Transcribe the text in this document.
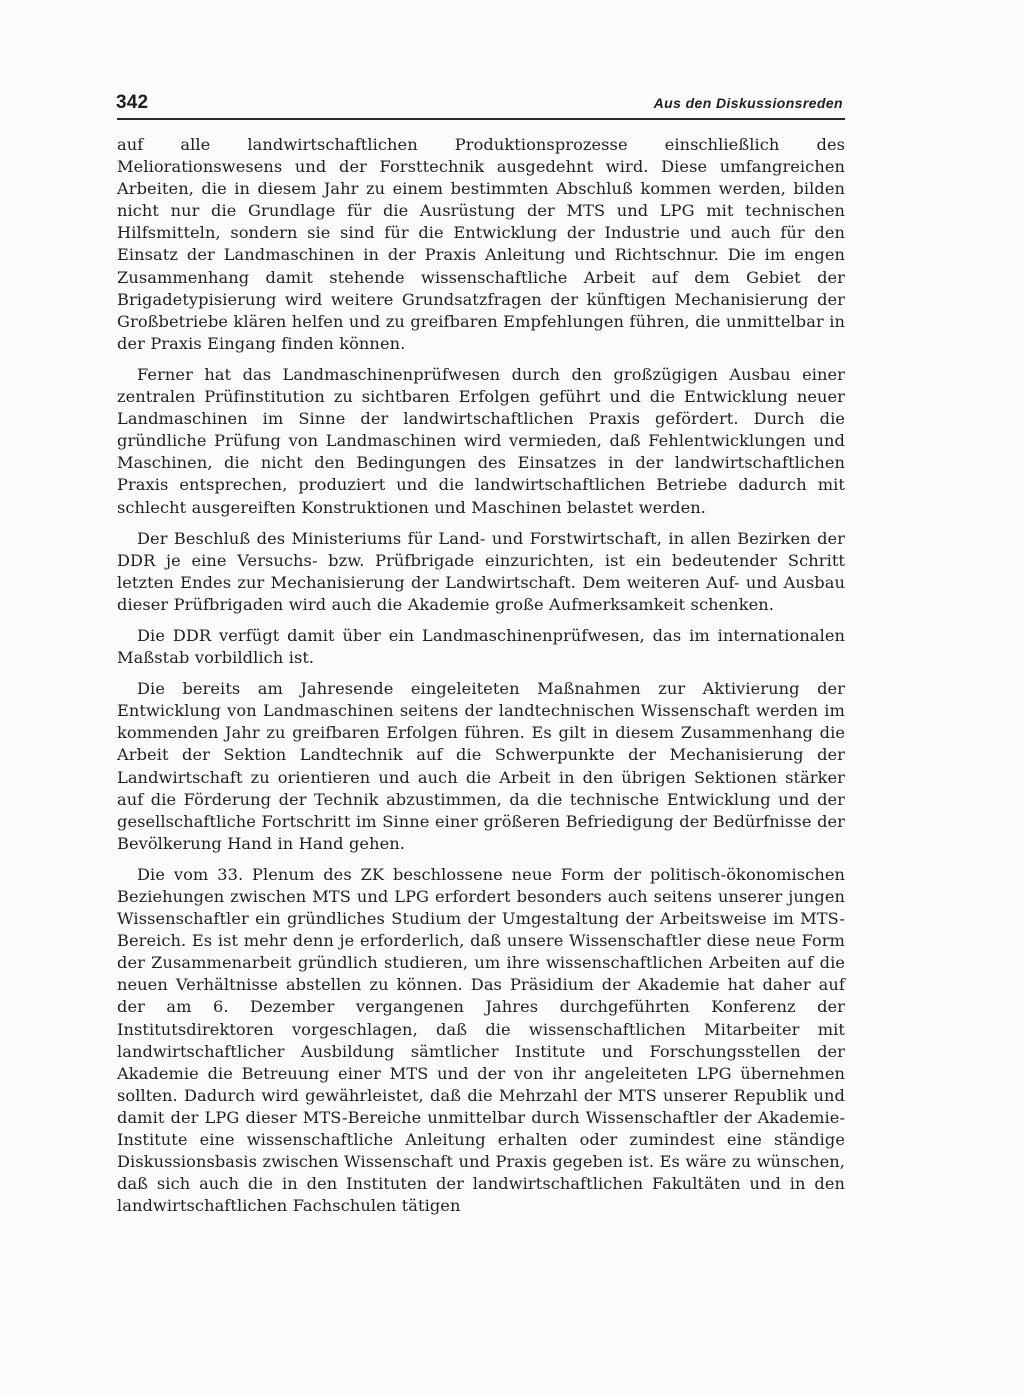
342	Aus den Diskussionsreden

auf alle landwirtschaftlichen Produktionsprozesse einschließlich des Meliorationswesens und der Forsttechnik ausgedehnt wird. Diese umfangreichen Arbeiten, die in diesem Jahr zu einem bestimmten Abschluß kommen werden, bilden nicht nur die Grundlage für die Ausrüstung der MTS und LPG mit technischen Hilfsmitteln, sondern sie sind für die Entwicklung der Industrie und auch für den Einsatz der Landmaschinen in der Praxis Anleitung und Richtschnur. Die im engen Zusammenhang damit stehende wissenschaftliche Arbeit auf dem Gebiet der Brigadetypisierung wird weitere Grundsatzfragen der künftigen Mechanisierung der Großbetriebe klären helfen und zu greifbaren Empfehlungen führen, die unmittelbar in der Praxis Eingang finden können.

Ferner hat das Landmaschinenprüfwesen durch den großzügigen Ausbau einer zentralen Prüfinstitution zu sichtbaren Erfolgen geführt und die Entwicklung neuer Landmaschinen im Sinne der landwirtschaftlichen Praxis gefördert. Durch die gründliche Prüfung von Landmaschinen wird vermieden, daß Fehlentwicklungen und Maschinen, die nicht den Bedingungen des Einsatzes in der landwirtschaftlichen Praxis entsprechen, produziert und die landwirtschaftlichen Betriebe dadurch mit schlecht ausgereiften Konstruktionen und Maschinen belastet werden.

Der Beschluß des Ministeriums für Land- und Forstwirtschaft, in allen Bezirken der DDR je eine Versuchs- bzw. Prüfbrigade einzurichten, ist ein bedeutender Schritt letzten Endes zur Mechanisierung der Landwirtschaft. Dem weiteren Auf- und Ausbau dieser Prüfbrigaden wird auch die Akademie große Aufmerksamkeit schenken.

Die DDR verfügt damit über ein Landmaschinenprüfwesen, das im internationalen Maßstab vorbildlich ist.

Die bereits am Jahresende eingeleiteten Maßnahmen zur Aktivierung der Entwicklung von Landmaschinen seitens der landtechnischen Wissenschaft werden im kommenden Jahr zu greifbaren Erfolgen führen. Es gilt in diesem Zusammenhang die Arbeit der Sektion Landtechnik auf die Schwerpunkte der Mechanisierung der Landwirtschaft zu orientieren und auch die Arbeit in den übrigen Sektionen stärker auf die Förderung der Technik abzustimmen, da die technische Entwicklung und der gesellschaftliche Fortschritt im Sinne einer größeren Befriedigung der Bedürfnisse der Bevölkerung Hand in Hand gehen.

Die vom 33. Plenum des ZK beschlossene neue Form der politisch-ökonomischen Beziehungen zwischen MTS und LPG erfordert besonders auch seitens unserer jungen Wissenschaftler ein gründliches Studium der Umgestaltung der Arbeitsweise im MTS-Bereich. Es ist mehr denn je erforderlich, daß unsere Wissenschaftler diese neue Form der Zusammenarbeit gründlich studieren, um ihre wissenschaftlichen Arbeiten auf die neuen Verhältnisse abstellen zu können. Das Präsidium der Akademie hat daher auf der am 6. Dezember vergangenen Jahres durchgeführten Konferenz der Institutsdirektoren vorgeschlagen, daß die wissenschaftlichen Mitarbeiter mit landwirtschaftlicher Ausbildung sämtlicher Institute und Forschungsstellen der Akademie die Betreuung einer MTS und der von ihr angeleiteten LPG übernehmen sollten. Dadurch wird gewährleistet, daß die Mehrzahl der MTS unserer Republik und damit der LPG dieser MTS-Bereiche unmittelbar durch Wissenschaftler der Akademie-Institute eine wissenschaftliche Anleitung erhalten oder zumindest eine ständige Diskussionsbasis zwischen Wissenschaft und Praxis gegeben ist. Es wäre zu wünschen, daß sich auch die in den Instituten der landwirtschaftlichen Fakultäten und in den landwirtschaftlichen Fachschulen tätigen
